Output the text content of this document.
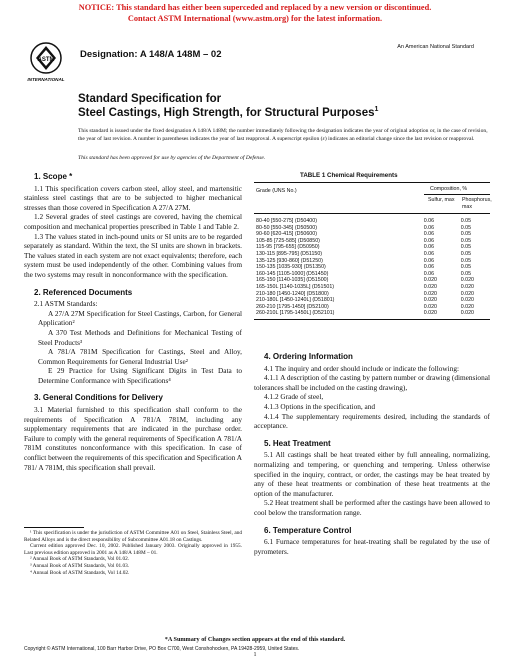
NOTICE: This standard has either been superceded and replaced by a new version or discontinued.
Contact ASTM International (www.astm.org) for the latest information.
ASTM
INTERNATIONAL
Designation: A 148/A 148M – 02
An American National Standard
Standard Specification for
Steel Castings, High Strength, for Structural Purposes$^1$
This standard is issued under the fixed designation A 148/A 148M; the number immediately following the designation indicates the year of original adoption or, in the case of revision, the year of last revision. A number in parentheses indicates the year of last reapproval. A superscript epsilon (ε) indicates an editorial change since the last revision or reapproval.
This standard has been approved for use by agencies of the Department of Defense.

1. Scope *

1.1 This specification covers carbon steel, alloy steel, and martensitic stainless steel castings that are to be subjected to higher mechanical stresses than those covered in Specification A 27/A 27M.

1.2 Several grades of steel castings are covered, having the chemical composition and mechanical properties prescribed in Table 1 and Table 2.

1.3 The values stated in inch-pound units or SI units are to be regarded separately as standard. Within the text, the SI units are shown in brackets. The values stated in each system are not exact equivalents; therefore, each system must be used independently of the other. Combining values from the two systems may result in nonconformance with the specification.

2. Referenced Documents

2.1 ASTM Standards:

A 27/A 27M Specification for Steel Castings, Carbon, for General Application²

A 370 Test Methods and Definitions for Mechanical Testing of Steel Products³

A 781/A 781M Specification for Castings, Steel and Alloy, Common Requirements for General Industrial Use²

E 29 Practice for Using Significant Digits in Test Data to Determine Conformance with Specifications⁴

3. General Conditions for Delivery

3.1 Material furnished to this specification shall conform to the requirements of Specification A 781/A 781M, including any supplementary requirements that are indicated in the purchase order. Failure to comply with the general requirements of Specification A 781/A 781M constitutes nonconformance with this specification. In case of conflict between the requirements of this specification and Specification A 781/ A 781M, this specification shall prevail.

¹ This specification is under the jurisdiction of ASTM Committee A01 on Steel, Stainless Steel, and Related Alloys and is the direct responsibility of Subcommittee A01.18 on Castings.

Current edition approved Dec. 10, 2002. Published January 2003. Originally approved in 1955. Last previous edition approved in 2001 as A 148/A 148M – 01.

² Annual Book of ASTM Standards, Vol 01.02.

³ Annual Book of ASTM Standards, Vol 01.03.

⁴ Annual Book of ASTM Standards, Vol 14.02.

TABLE 1 Chemical Requirements
Grade (UNS No.)	Composition, %
Sulfur, max Phosphorus, max
80-40 [550-275] (D50400)	0.06	0.05
80-50 [550-345] (D50500)	0.06	0.05
90-60 [620-415] (D50600)	0.06	0.05
105-85 [725-585] (D50850)	0.06	0.05
115-95 [795-655] (D50950)	0.06	0.05
130-115 [895-795] (D51150)	0.06	0.05
135-125 [930-860] (D51250)	0.06	0.05
150-135 [1035-930] (D51350)	0.06	0.05
160-145 [1105-1000] (D51450)	0.06	0.05
165-150 [1140-1035] (D51500)	0.020	0.020
165-150L [1140-1035L] (D51501)	0.020	0.020
210-180 [1450-1240] (D51800)	0.020	0.020
210-180L [1450-1240L] (D51801)	0.020	0.020
260-210 [1795-1450] (D52100)	0.020	0.020
260-210L [1795-1450L] (D52101)	0.020	0.020

4. Ordering Information

4.1 The inquiry and order should include or indicate the following:

4.1.1 A description of the casting by pattern number or drawing (dimensional tolerances shall be included on the casting drawing),

4.1.2 Grade of steel,

4.1.3 Options in the specification, and

4.1.4 The supplementary requirements desired, including the standards of acceptance.

5. Heat Treatment

5.1 All castings shall be heat treated either by full annealing, normalizing, normalizing and tempering, or quenching and tempering. Unless otherwise specified in the inquiry, contract, or order, the castings may be heat treated by any of these heat treatments or combination of these heat treatments at the option of the manufacturer.

5.2 Heat treatment shall be performed after the castings have been allowed to cool below the transformation range.

6. Temperature Control

6.1 Furnace temperatures for heat-treating shall be regulated by the use of pyrometers.

*A Summary of Changes section appears at the end of this standard.
Copyright © ASTM International, 100 Barr Harbor Drive, PO Box C700, West Conshohocken, PA 19428-2959, United States.
1
